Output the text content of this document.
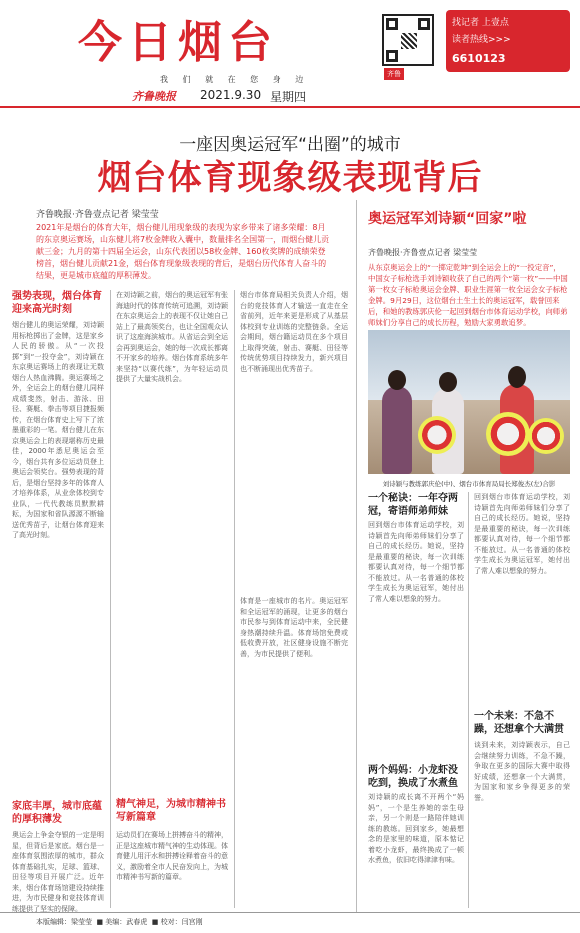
今日烟台
我 们 就 在 您 身 边
齐鲁晚报 2021.9.30 星期四
齐鲁
找记者 上壹点
读者热线>>>
6610123
一座因奥运冠军“出圈”的城市
烟台体育现象级表现背后
齐鲁晚报·齐鲁壹点记者 梁莹莹
2021年是烟台的体育大年，烟台健儿用现象级的表现为家乡带来了诸多荣耀：8月的东京奥运赛场，山东健儿将7枚金牌收入囊中，数量排名全国第一，而烟台健儿贡献三金；九月的第十四届全运会，山东代表团以58枚金牌、160枚奖牌的成绩荣登榜首，烟台健儿贡献21金，烟台体育现象级表现的背后，是烟台历代体育人奋斗的结果，更是城市底蕴的厚积薄发。
强势表现，烟台体育迎来高光时刻
烟台健儿的奥运荣耀，刘诗颖用标枪掷出了金牌，这是家乡人民的骄傲。从“一次投掷”到“一投夺金”，刘诗颖在东京奥运赛场上的表现让无数烟台人热血沸腾。奥运赛场之外，全运会上的烟台健儿同样成绩斐然，射击、游泳、田径、赛艇、拳击等项目捷报频传，在烟台体育史上写下了浓墨重彩的一笔。烟台健儿在东京奥运会上的表现堪称历史最佳，2000年悉尼奥运会至今，烟台共有多位运动员登上奥运会领奖台。强势表现的背后，是烟台坚持多年的体育人才培养体系，从业余体校到专业队，一代代教练员默默耕耘，为国家和省队源源不断输送优秀苗子，让烟台体育迎来了高光时刻。
家底丰厚，城市底蕴的厚积薄发
奥运会上争金夺银的一定是明星，但背后是家底。烟台是一座体育氛围浓厚的城市，群众体育基础扎实，足球、篮球、田径等项目开展广泛。近年来，烟台体育场馆建设持续推进，为市民健身和竞技体育训练提供了坚实的保障。
在刘诗颖之前，烟台的奥运冠军有张海迪时代的体育传统可追溯，刘诗颖在东京奥运会上的表现不仅让她自己站上了最高领奖台，也让全国观众认识了这座海滨城市。从省运会到全运会再到奥运会，她的每一次成长都离不开家乡的培养。烟台体育系统多年来坚持“以赛代练”，为年轻运动员提供了大量实战机会。
精气神足，为城市精神书写新篇章
运动员们在赛场上拼搏奋斗的精神，正是这座城市精气神的生动体现。体育健儿用汗水和拼搏诠释着奋斗的意义，激励着全市人民奋发向上，为城市精神书写新的篇章。
烟台市体育局相关负责人介绍，烟台的竞技体育人才输送一直走在全省前列，近年来更是形成了从基层体校到专业训练的完整链条。全运会期间，烟台籍运动员在多个项目上取得突破，射击、赛艇、田径等传统优势项目持续发力，新兴项目也不断涌现出优秀苗子。
体育是一座城市的名片。奥运冠军和全运冠军的涌现，让更多的烟台市民参与到体育运动中来，全民健身热潮持续升温。体育场馆免费或低收费开放，社区健身设施不断完善，为市民提供了便利。
奥运冠军刘诗颖“回家”啦
齐鲁晚报·齐鲁壹点记者 梁莹莹
从东京奥运会上的“一掷定乾坤”到全运会上的“一投定音”，中国女子标枪选手刘诗颖收获了自己的两个“第一枚”——中国第一枚女子标枪奥运会金牌、职业生涯第一枚全运会女子标枪金牌。9月29日，这位烟台土生土长的奥运冠军，载誉回来后，和她的教练郭庆伦一起回到烟台市体育运动学校，向师弟师妹们分享自己的成长历程，勉励大家勇敢追梦。
刘诗颖与教练郭庆伦(中)、烟台市体育局局长郑俊杰(左)合影
一个秘诀：一年夺两冠，寄语师弟师妹
回到烟台市体育运动学校，刘诗颖首先向师弟师妹们分享了自己的成长经历。她说，坚持是最重要的秘诀，每一次训练都要认真对待，每一个细节都不能放过。从一名普通的体校学生成长为奥运冠军，她付出了常人难以想象的努力。
两个妈妈：小龙虾没吃到，换成了水煮鱼
刘诗颖的成长离不开两个“妈妈”，一个是生养她的亲生母亲，另一个则是一路陪伴她训练的教练。回到家乡，她最想念的是家里的味道，原本惦记着吃小龙虾，最终换成了一顿水煮鱼，依旧吃得津津有味。
回到烟台市体育运动学校，刘诗颖首先向师弟师妹们分享了自己的成长经历。她说，坚持是最重要的秘诀，每一次训练都要认真对待，每一个细节都不能放过。从一名普通的体校学生成长为奥运冠军，她付出了常人难以想象的努力。
一个未来：不急不躁，还想拿个大满贯
谈到未来，刘诗颖表示，自己会继续努力训练，不急不躁，争取在更多的国际大赛中取得好成绩，还想拿一个大满贯，为国家和家乡争得更多的荣誉。
本版编辑：梁莹莹  ■ 美编：武春虎  ■ 校对：闫宫刚
